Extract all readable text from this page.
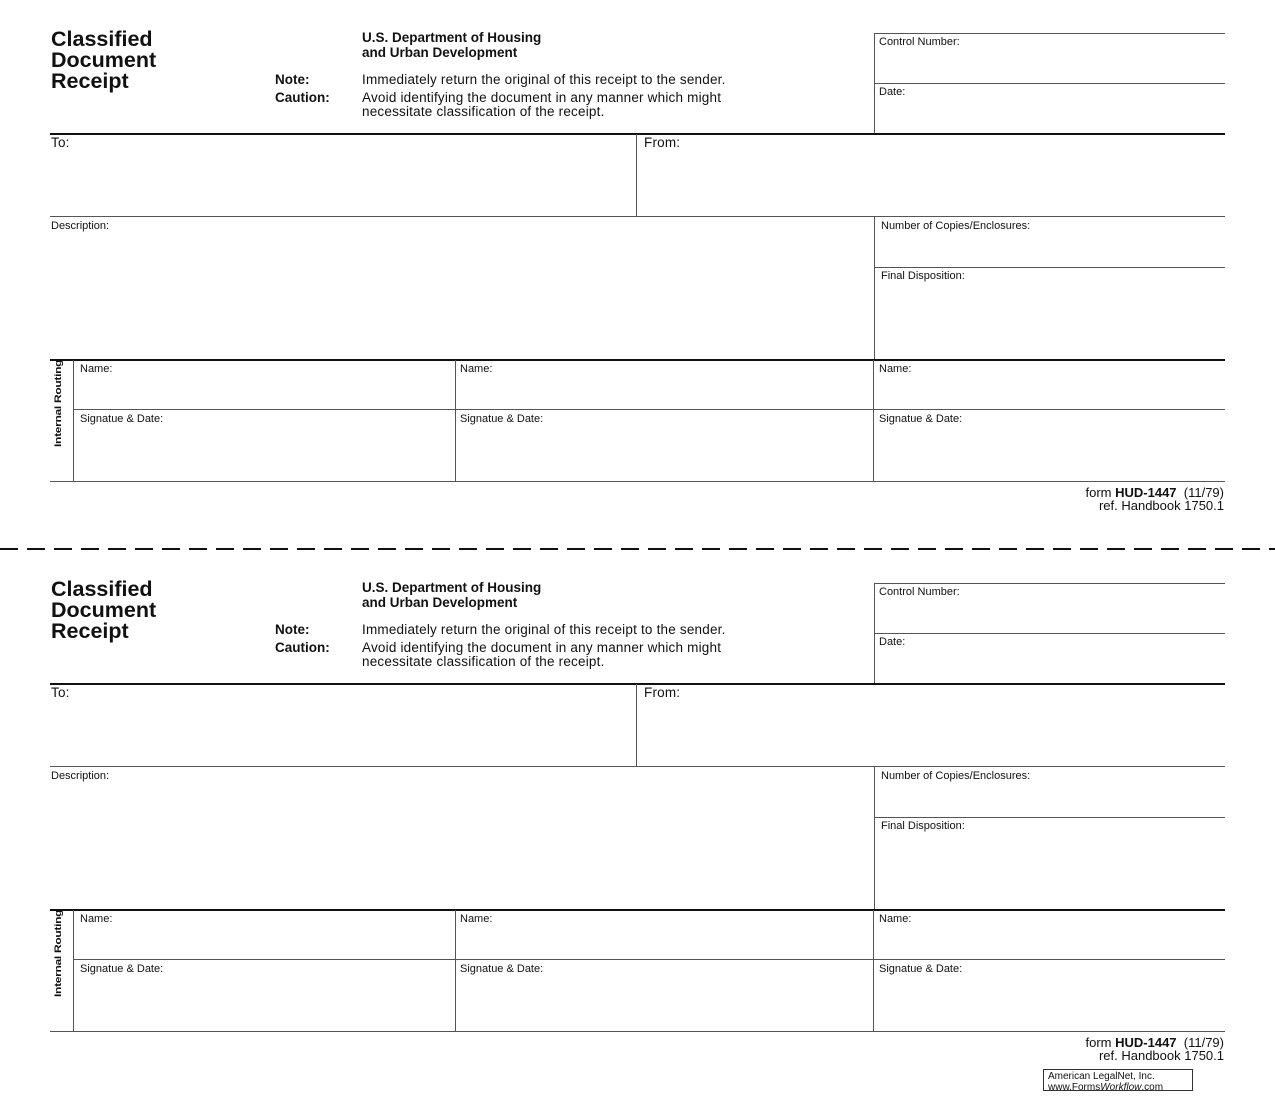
Classified
Document
Receipt
U.S. Department of Housing
and Urban Development
Note:	Immediately return the original of this receipt to the sender.
Caution: Avoid identifying the document in any manner which might
necessitate classification of the receipt.
Control Number:
Date:
To:	From:
Description:	Number of Copies/Enclosures:
Final Disposition:
Internal Routing Name:	Name:	Name:
Signatue & Date:	Signatue & Date:	Signatue & Date:
form HUD-1447 (11/79)
ref. Handbook 1750.1
Classified
Document
Receipt
U.S. Department of Housing
and Urban Development
Note:	Immediately return the original of this receipt to the sender.
Caution: Avoid identifying the document in any manner which might
necessitate classification of the receipt.
Control Number:
Date:
To:	From:
Description:	Number of Copies/Enclosures:
Final Disposition:
Internal Routing Name:	Name:	Name:
Signatue & Date:	Signatue & Date:	Signatue & Date:
form HUD-1447 (11/79)
ref. Handbook 1750.1
American LegalNet, Inc.
www.FormsWorkflow.com
